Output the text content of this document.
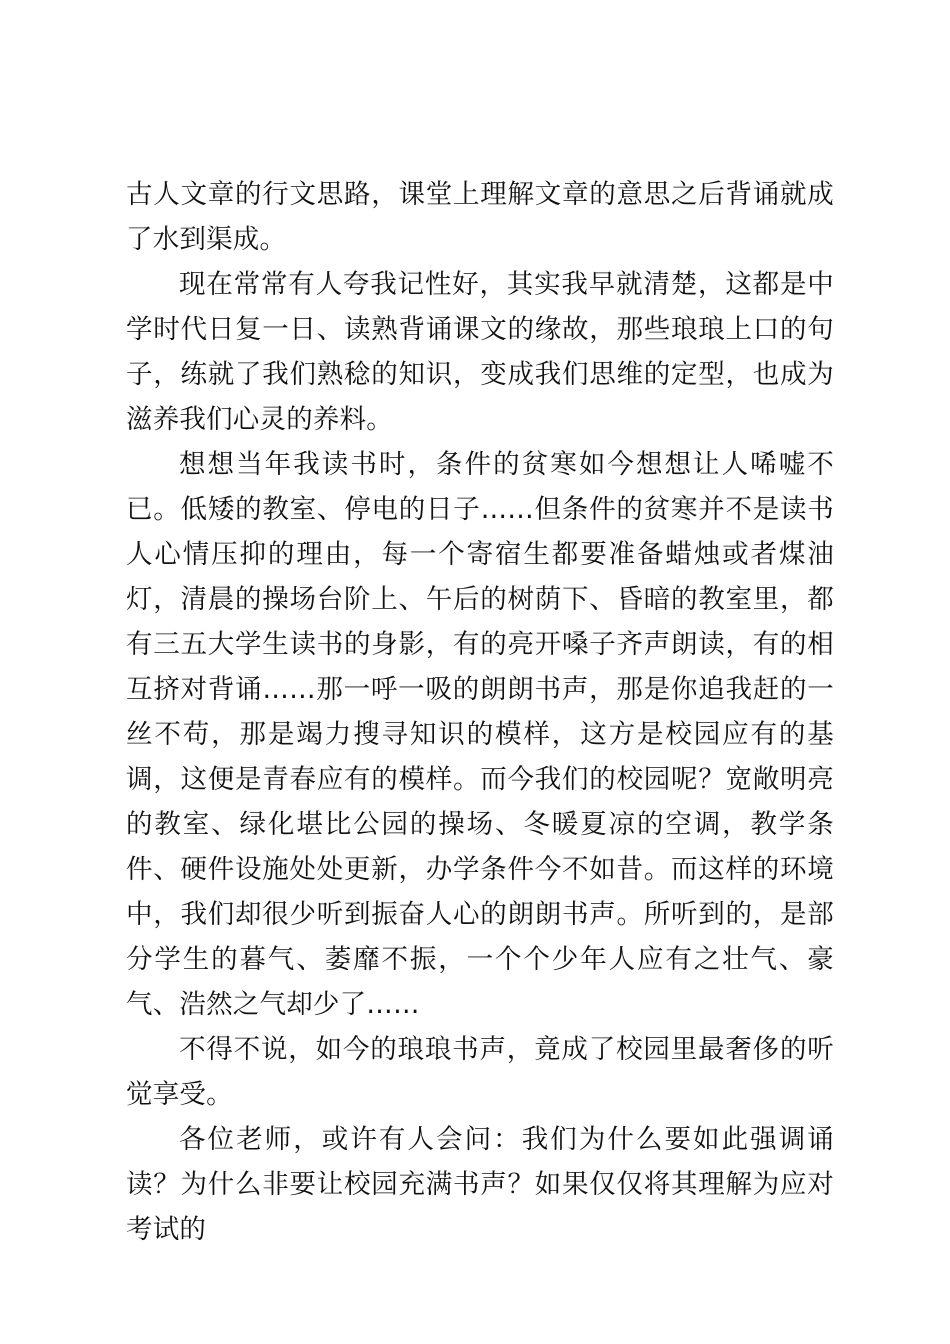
古人文章的行文思路，课堂上理解文章的意思之后背诵就成了水到渠成。

现在常常有人夸我记性好，其实我早就清楚，这都是中学时代日复一日、读熟背诵课文的缘故，那些琅琅上口的句子，练就了我们熟稔的知识，变成我们思维的定型，也成为滋养我们心灵的养料。

想想当年我读书时，条件的贫寒如今想想让人唏嘘不已。低矮的教室、停电的日子……但条件的贫寒并不是读书人心情压抑的理由，每一个寄宿生都要准备蜡烛或者煤油灯，清晨的操场台阶上、午后的树荫下、昏暗的教室里，都有三五大学生读书的身影，有的亮开嗓子齐声朗读，有的相互挤对背诵……那一呼一吸的朗朗书声，那是你追我赶的一丝不苟，那是竭力搜寻知识的模样，这方是校园应有的基调，这便是青春应有的模样。而今我们的校园呢？宽敞明亮的教室、绿化堪比公园的操场、冬暖夏凉的空调，教学条件、硬件设施处处更新，办学条件今不如昔。而这样的环境中，我们却很少听到振奋人心的朗朗书声。所听到的，是部分学生的暮气、萎靡不振，一个个少年人应有之壮气、豪气、浩然之气却少了……

不得不说，如今的琅琅书声，竟成了校园里最奢侈的听觉享受。

各位老师，或许有人会问：我们为什么要如此强调诵读？为什么非要让校园充满书声？如果仅仅将其理解为应对考试的
